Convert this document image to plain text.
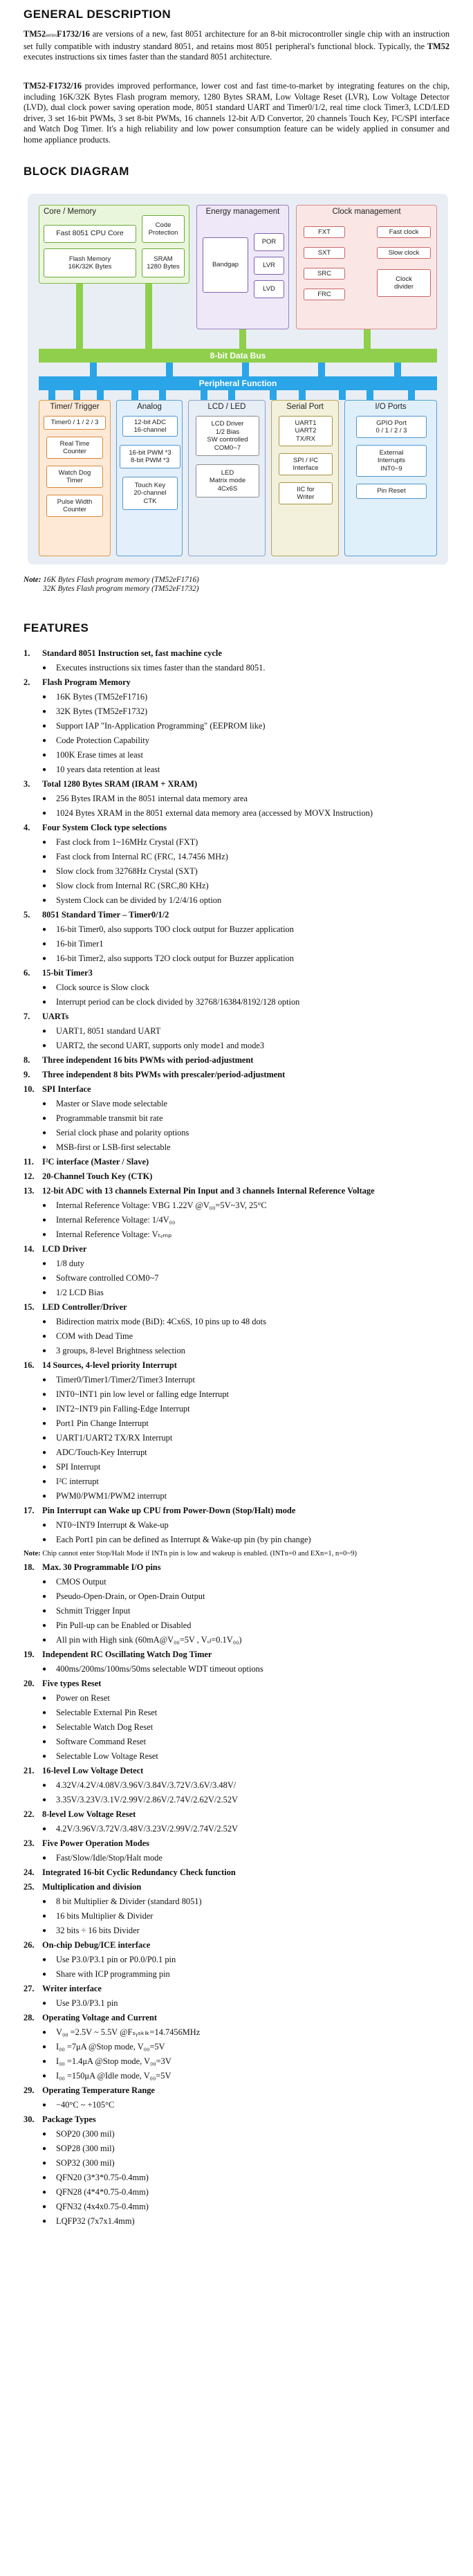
GENERAL DESCRIPTION

TM52seriesF1732/16 are versions of a new, fast 8051 architecture for an 8-bit microcontroller single chip with an instruction set fully compatible with industry standard 8051, and retains most 8051 peripheral's functional block. Typically, the TM52 executes instructions six times faster than the standard 8051 architecture.

TM52-F1732/16 provides improved performance, lower cost and fast time-to-market by integrating features on the chip, including 16K/32K Bytes Flash program memory, 1280 Bytes SRAM, Low Voltage Reset (LVR), Low Voltage Detector (LVD), dual clock power saving operation mode, 8051 standard UART and Timer0/1/2, real time clock Timer3, LCD/LED driver, 3 set 16-bit PWMs, 3 set 8-bit PWMs, 16 channels 12-bit A/D Convertor, 20 channels Touch Key, I²C/SPI interface and Watch Dog Timer. It's a high reliability and low power consumption feature can be widely applied in consumer and home appliance products.

BLOCK DIAGRAM
Core / Memory
Fast 8051 CPU Core
Code
Protection
Flash Memory
16K/32K Bytes
SRAM
1280 Bytes
Energy management
Bandgap
POR
LVR
LVD
Clock management
FXT
SXT
SRC
FRC
Fast clock
Slow clock
Clock
divider
8-bit Data Bus
Peripheral Function
Timer/ Trigger
Timer0 / 1 / 2 / 3
Real Time
Counter
Watch Dog
Timer
Pulse Width
Counter
Analog
12-bit ADC
16-channel
16-bit PWM *3
8-bit PWM *3
Touch Key
20-channel
CTK
LCD / LED
LCD Driver
1/2 Bias
SW controlled
COM0~7
LED
Matrix mode
4Cx6S
Serial Port
UART1
UART2
TX/RX
SPI / I²C
Interface
IIC for
Writer
I/O Ports
GPIO Port
0 / 1 / 2 / 3
External
Interrupts
INT0~9
Pin Reset
Note: 16K Bytes Flash program memory (TM52eF1716)
32K Bytes Flash program memory (TM52eF1732)
FEATURES
1.	Standard 8051 Instruction set, fast machine cycle
●	Executes instructions six times faster than the standard 8051.
2.	Flash Program Memory
●	16K Bytes (TM52eF1716)
●	32K Bytes (TM52eF1732)
●	Support IAP "In-Application Programming" (EEPROM like)
●	Code Protection Capability
●	100K Erase times at least
●	10 years data retention at least
3.	Total 1280 Bytes SRAM (IRAM + XRAM)
●	256 Bytes IRAM in the 8051 internal data memory area
●	1024 Bytes XRAM in the 8051 external data memory area (accessed by MOVX Instruction)
4.	Four System Clock type selections
●	Fast clock from 1~16MHz Crystal (FXT)
●	Fast clock from Internal RC (FRC, 14.7456 MHz)
●	Slow clock from 32768Hz Crystal (SXT)
●	Slow clock from Internal RC (SRC,80 KHz)
●	System Clock can be divided by 1/2/4/16 option
5.	8051 Standard Timer – Timer0/1/2
●	16-bit Timer0, also supports T0O clock output for Buzzer application
●	16-bit Timer1
●	16-bit Timer2, also supports T2O clock output for Buzzer application
6.	15-bit Timer3
●	Clock source is Slow clock
●	Interrupt period can be clock divided by 32768/16384/8192/128 option
7.	UARTs
●	UART1, 8051 standard UART
●	UART2, the second UART, supports only mode1 and mode3
8.	Three independent 16 bits PWMs with period-adjustment
9.	Three independent 8 bits PWMs with prescaler/period-adjustment
10. SPI Interface
●	Master or Slave mode selectable
●	Programmable transmit bit rate
●	Serial clock phase and polarity options
●	MSB-first or LSB-first selectable
11. I²C interface (Master / Slave)
12. 20-Channel Touch Key (CTK)
13. 12-bit ADC with 13 channels External Pin Input and 3 channels Internal Reference Voltage
●	Internal Reference Voltage: VBG 1.22V @V₀₀=5V~3V, 25°C
●	Internal Reference Voltage: 1/4V₀₀
●	Internal Reference Voltage: Vₜₑₘₚ
14. LCD Driver
●	1/8 duty
●	Software controlled COM0~7
●	1/2 LCD Bias
15. LED Controller/Driver
●	Bidirection matrix mode (BiD): 4Cx6S, 10 pins up to 48 dots
●	COM with Dead Time
●	3 groups, 8-level Brightness selection
16. 14 Sources, 4-level priority Interrupt
●	Timer0/Timer1/Timer2/Timer3 Interrupt
●	INT0~INT1 pin low level or falling edge Interrupt
●	INT2~INT9 pin Falling-Edge Interrupt
●	Port1 Pin Change Interrupt
●	UART1/UART2 TX/RX Interrupt
●	ADC/Touch-Key Interrupt
●	SPI Interrupt
●	I²C interrupt
●	PWM0/PWM1/PWM2 interrupt
17. Pin Interrupt can Wake up CPU from Power-Down (Stop/Halt) mode
●	NT0~INT9 Interrupt & Wake-up
●	Each Port1 pin can be defined as Interrupt & Wake-up pin (by pin change)
Note: Chip cannot enter Stop/Halt Mode if INTn pin is low and wakeup is enabled. (INTn=0 and EXn=1, n=0~9)
18. Max. 30 Programmable I/O pins
●	CMOS Output
●	Pseudo-Open-Drain, or Open-Drain Output
●	Schmitt Trigger Input
●	Pin Pull-up can be Enabled or Disabled
●	All pin with High sink (60mA@V₀₀=5V , Vₒₗ=0.1V₀₀)
19. Independent RC Oscillating Watch Dog Timer
●	400ms/200ms/100ms/50ms selectable WDT timeout options
20. Five types Reset
●	Power on Reset
●	Selectable External Pin Reset
●	Selectable Watch Dog Reset
●	Software Command Reset
●	Selectable Low Voltage Reset
21. 16-level Low Voltage Detect
●	4.32V/4.2V/4.08V/3.96V/3.84V/3.72V/3.6V/3.48V/
●	3.35V/3.23V/3.1V/2.99V/2.86V/2.74V/2.62V/2.52V
22. 8-level Low Voltage Reset
●	4.2V/3.96V/3.72V/3.48V/3.23V/2.99V/2.74V/2.52V
23. Five Power Operation Modes
●	Fast/Slow/Idle/Stop/Halt mode
24. Integrated 16-bit Cyclic Redundancy Check function
25. Multiplication and division
●	8 bit Multiplier & Divider (standard 8051)
●	16 bits Multiplier & Divider
●	32 bits ÷ 16 bits Divider
26. On-chip Debug/ICE interface
●	Use P3.0/P3.1 pin or P0.0/P0.1 pin
●	Share with ICP programming pin
27. Writer interface
●	Use P3.0/P3.1 pin
28. Operating Voltage and Current
●	V₀₀ =2.5V ~ 5.5V @Fₛᵧₛₖₗₖ=14.7456MHz
●	I₀₀ =7μA @Stop mode, V₀₀=5V
●	I₀₀ =1.4μA @Stop mode, V₀₀=3V
●	I₀₀ =150μA @Idle mode, V₀₀=5V
29. Operating Temperature Range
●	−40°C ~ +105°C
30. Package Types
●	SOP20 (300 mil)
●	SOP28 (300 mil)
●	SOP32 (300 mil)
●	QFN20 (3*3*0.75-0.4mm)
●	QFN28 (4*4*0.75-0.4mm)
●	QFN32 (4x4x0.75-0.4mm)
●	LQFP32 (7x7x1.4mm)
